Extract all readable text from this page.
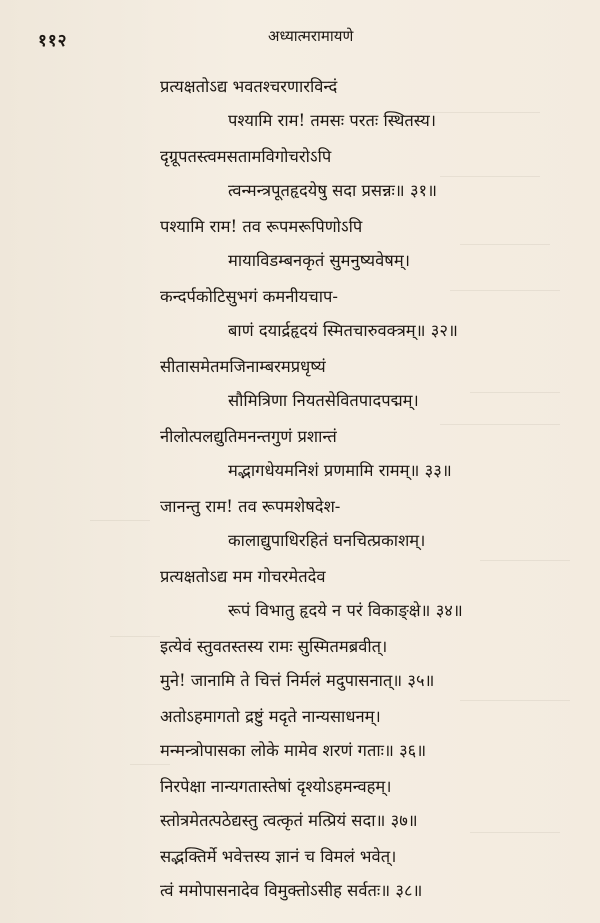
११२	अध्यात्मरामायणे
प्रत्यक्षतोऽद्य भवतश्चरणारविन्दं
पश्यामि राम! तमसः परतः स्थितस्य।
दृग्रूपतस्त्वमसतामविगोचरोऽपि
त्वन्मन्त्रपूतहृदयेषु सदा प्रसन्नः॥ ३१॥
पश्यामि राम! तव रूपमरूपिणोऽपि
मायाविडम्बनकृतं सुमनुष्यवेषम्।
कन्दर्पकोटिसुभगं कमनीयचाप-
बाणं दयार्द्रहृदयं स्मितचारुवक्त्रम्॥ ३२॥
सीतासमेतमजिनाम्बरमप्रधृष्यं
सौमित्रिणा नियतसेवितपादपद्मम्।
नीलोत्पलद्युतिमनन्तगुणं प्रशान्तं
मद्भागधेयमनिशं प्रणमामि रामम्॥ ३३॥
जानन्तु राम! तव रूपमशेषदेश-
कालाद्युपाधिरहितं घनचित्प्रकाशम्।
प्रत्यक्षतोऽद्य मम गोचरमेतदेव
रूपं विभातु हृदये न परं विकाङ्क्षे॥ ३४॥
इत्येवं स्तुवतस्तस्य रामः सुस्मितमब्रवीत्।
मुने! जानामि ते चित्तं निर्मलं मदुपासनात्॥ ३५॥
अतोऽहमागतो द्रष्टुं मदृते नान्यसाधनम्।
मन्मन्त्रोपासका लोके मामेव शरणं गताः॥ ३६॥
निरपेक्षा नान्यगतास्तेषां दृश्योऽहमन्वहम्।
स्तोत्रमेतत्पठेद्यस्तु त्वत्कृतं मत्प्रियं सदा॥ ३७॥
सद्भक्तिर्मे भवेत्तस्य ज्ञानं च विमलं भवेत्।
त्वं ममोपासनादेव विमुक्तोऽसीह सर्वतः॥ ३८॥
